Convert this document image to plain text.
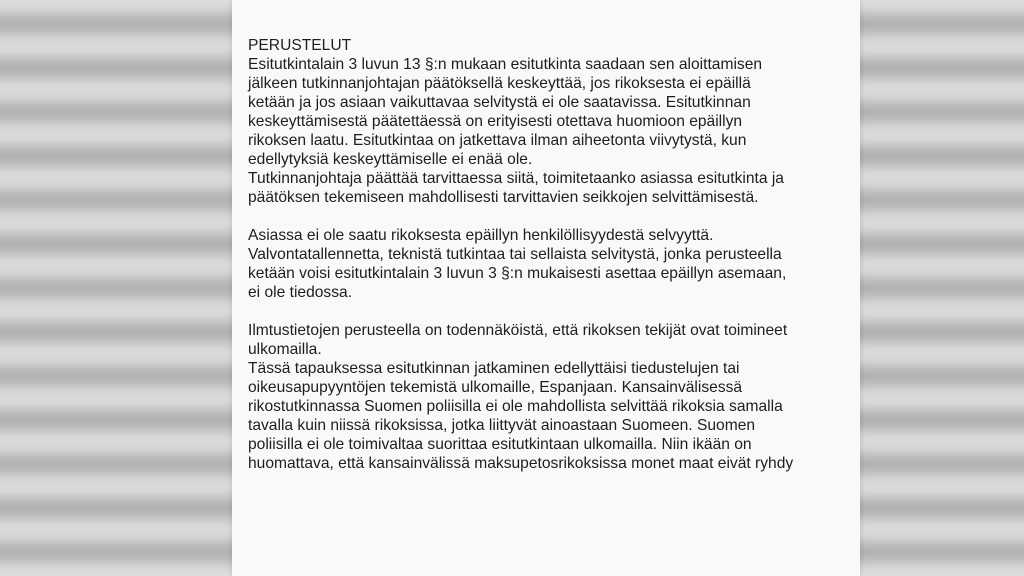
PERUSTELUT
Esitutkintalain 3 luvun 13 §:n mukaan esitutkinta saadaan sen aloittamisen
jälkeen tutkinnanjohtajan päätöksellä keskeyttää, jos rikoksesta ei epäillä
ketään ja jos asiaan vaikuttavaa selvitystä ei ole saatavissa. Esitutkinnan
keskeyttämisestä päätettäessä on erityisesti otettava huomioon epäillyn
rikoksen laatu. Esitutkintaa on jatkettava ilman aiheetonta viivytystä, kun
edellytyksiä keskeyttämiselle ei enää ole.
Tutkinnanjohtaja päättää tarvittaessa siitä, toimitetaanko asiassa esitutkinta ja
päätöksen tekemiseen mahdollisesti tarvittavien seikkojen selvittämisestä.
Asiassa ei ole saatu rikoksesta epäillyn henkilöllisyydestä selvyyttä.
Valvontatallennetta, teknistä tutkintaa tai sellaista selvitystä, jonka perusteella
ketään voisi esitutkintalain 3 luvun 3 §:n mukaisesti asettaa epäillyn asemaan,
ei ole tiedossa.
Ilmtustietojen perusteella on todennäköistä, että rikoksen tekijät ovat toimineet
ulkomailla.
Tässä tapauksessa esitutkinnan jatkaminen edellyttäisi tiedustelujen tai
oikeusapupyyntöjen tekemistä ulkomaille, Espanjaan. Kansainvälisessä
rikostutkinnassa Suomen poliisilla ei ole mahdollista selvittää rikoksia samalla
tavalla kuin niissä rikoksissa, jotka liittyvät ainoastaan Suomeen. Suomen
poliisilla ei ole toimivaltaa suorittaa esitutkintaan ulkomailla. Niin ikään on
huomattava, että kansainvälissä maksupetosrikoksissa monet maat eivät ryhdy
